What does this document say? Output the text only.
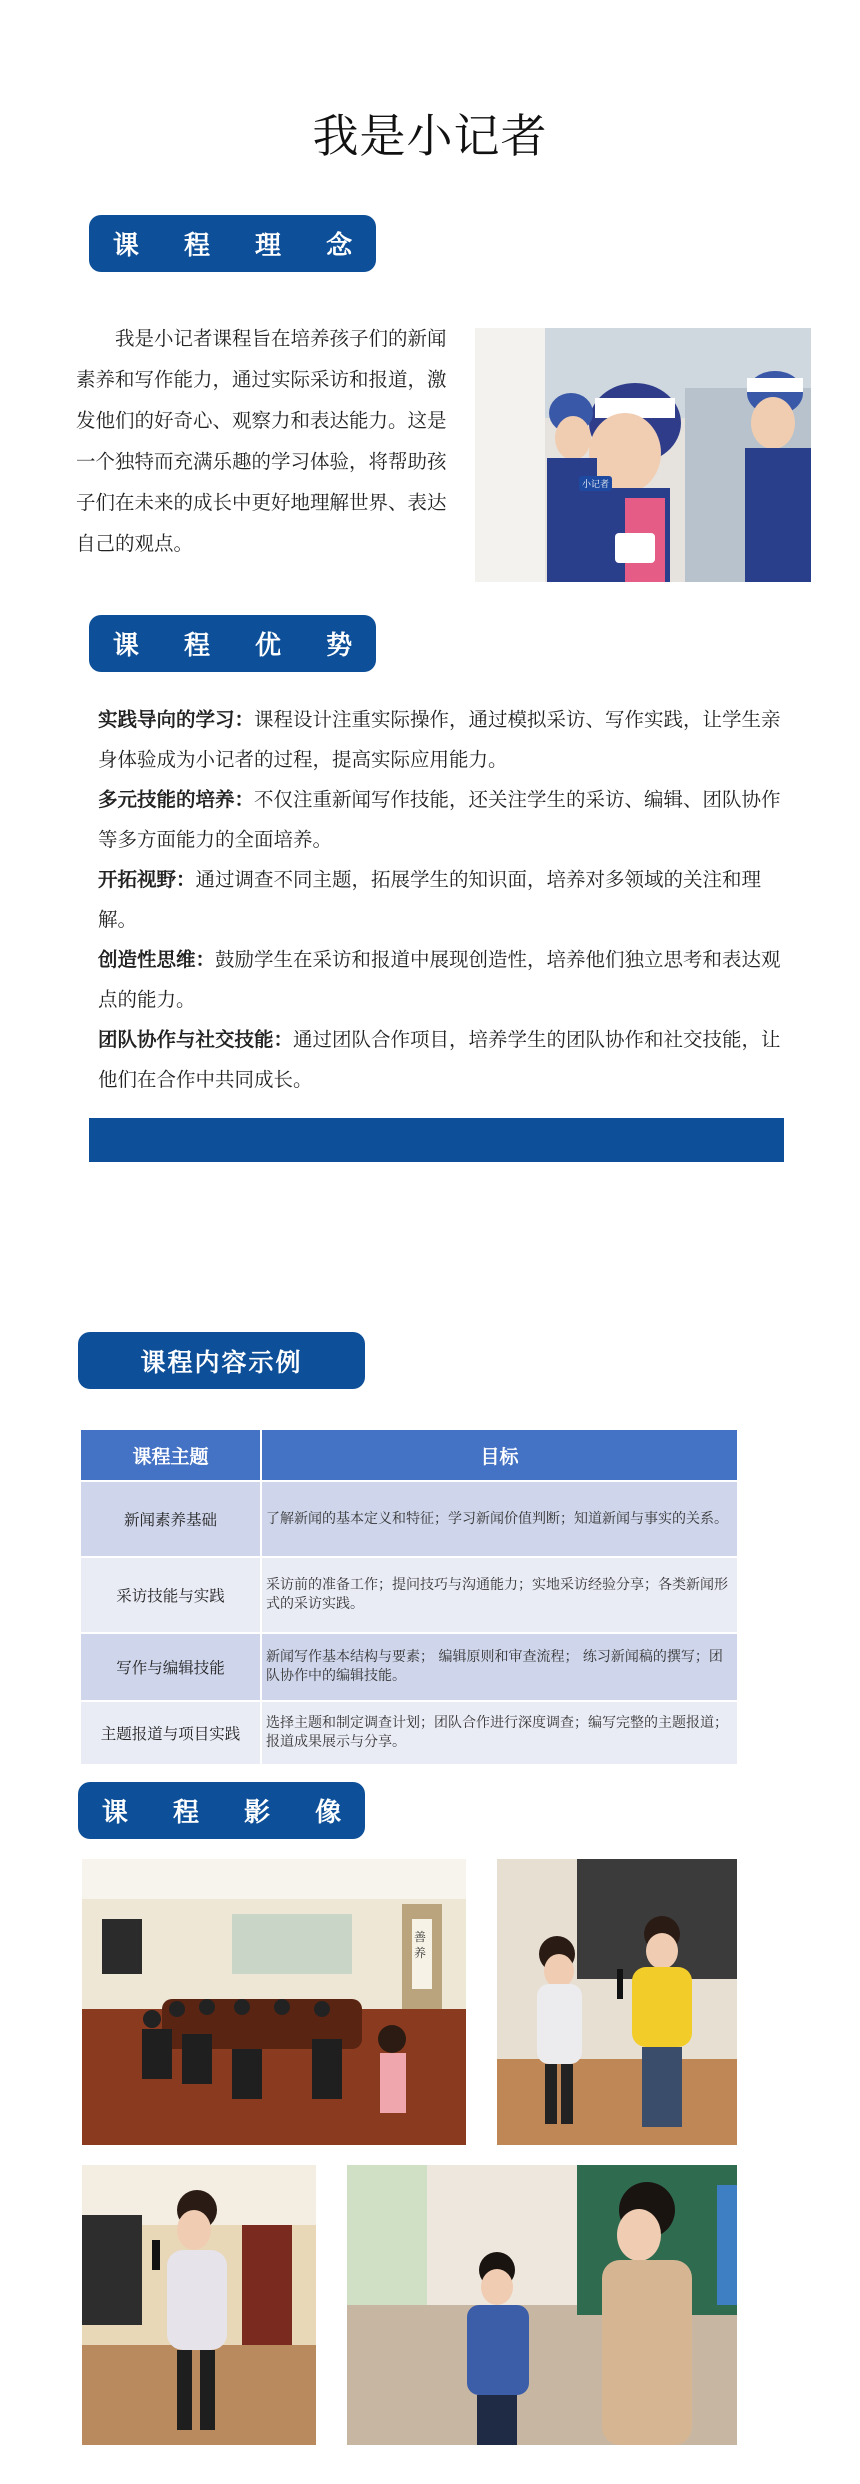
我是小记者
课 程 理 念

我是小记者课程旨在培养孩子们的新闻素养和写作能力，通过实际采访和报道，激发他们的好奇心、观察力和表达能力。这是一个独特而充满乐趣的学习体验，将帮助孩子们在未来的成长中更好地理解世界、表达自己的观点。

小记者
课 程 优 势
实践导向的学习：课程设计注重实际操作，通过模拟采访、写作实践，让学生亲身体验成为小记者的过程，提高实际应用能力。
多元技能的培养：不仅注重新闻写作技能，还关注学生的采访、编辑、团队协作等多方面能力的全面培养。
开拓视野：通过调查不同主题，拓展学生的知识面，培养对多领域的关注和理解。
创造性思维：鼓励学生在采访和报道中展现创造性，培养他们独立思考和表达观点的能力。
团队协作与社交技能：通过团队合作项目，培养学生的团队协作和社交技能，让他们在合作中共同成长。
课程内容示例
课程主题	目标
新闻素养基础	了解新闻的基本定义和特征；学习新闻价值判断；知道新闻与事实的关系。
采访技能与实践	采访前的准备工作；提问技巧与沟通能力；实地采访经验分享；各类新闻形式的采访实践。
写作与编辑技能	新闻写作基本结构与要素； 编辑原则和审查流程； 练习新闻稿的撰写；团队协作中的编辑技能。
主题报道与项目实践	选择主题和制定调查计划；团队合作进行深度调查；编写完整的主题报道；报道成果展示与分享。
课 程 影 像
善养
